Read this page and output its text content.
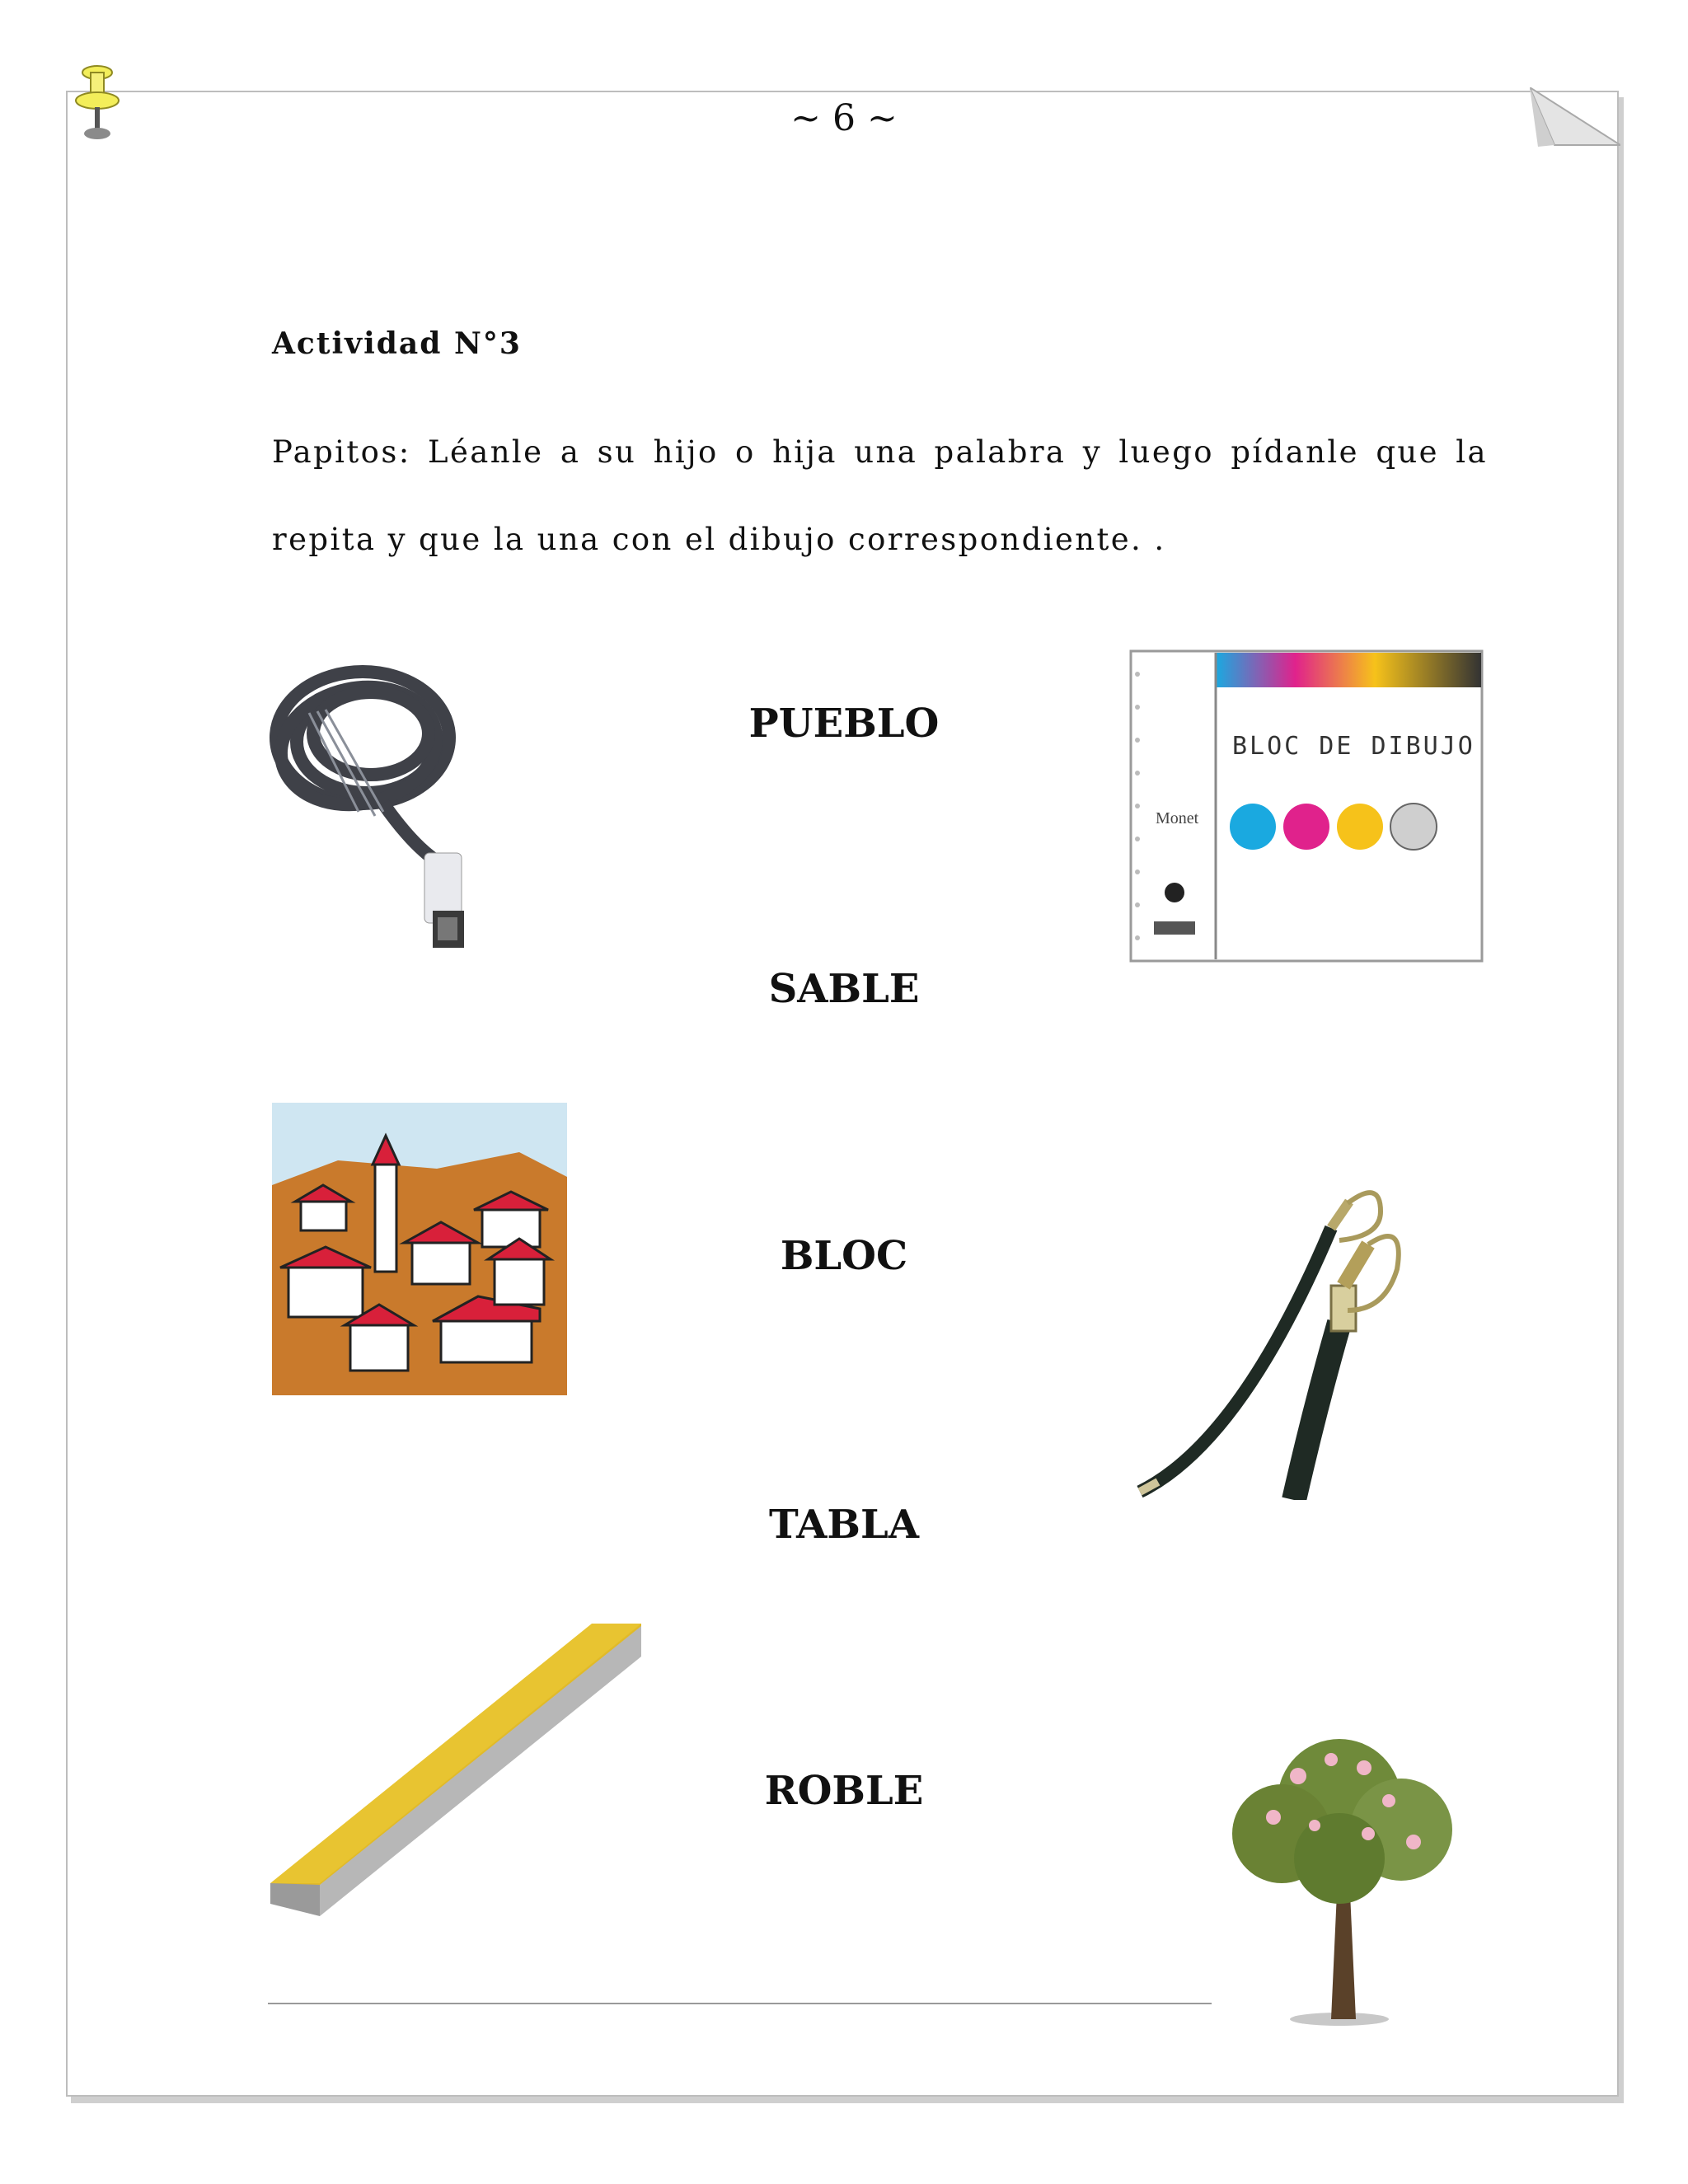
~ 6 ~
Actividad N°3
Papitos: Léanle a su hijo o hija una palabra y luego pídanle que la repita y que la una con el dibujo correspondiente. .
PUEBLO
SABLE
BLOC
TABLA
ROBLE
BLOC DE DIBUJO
Monet
